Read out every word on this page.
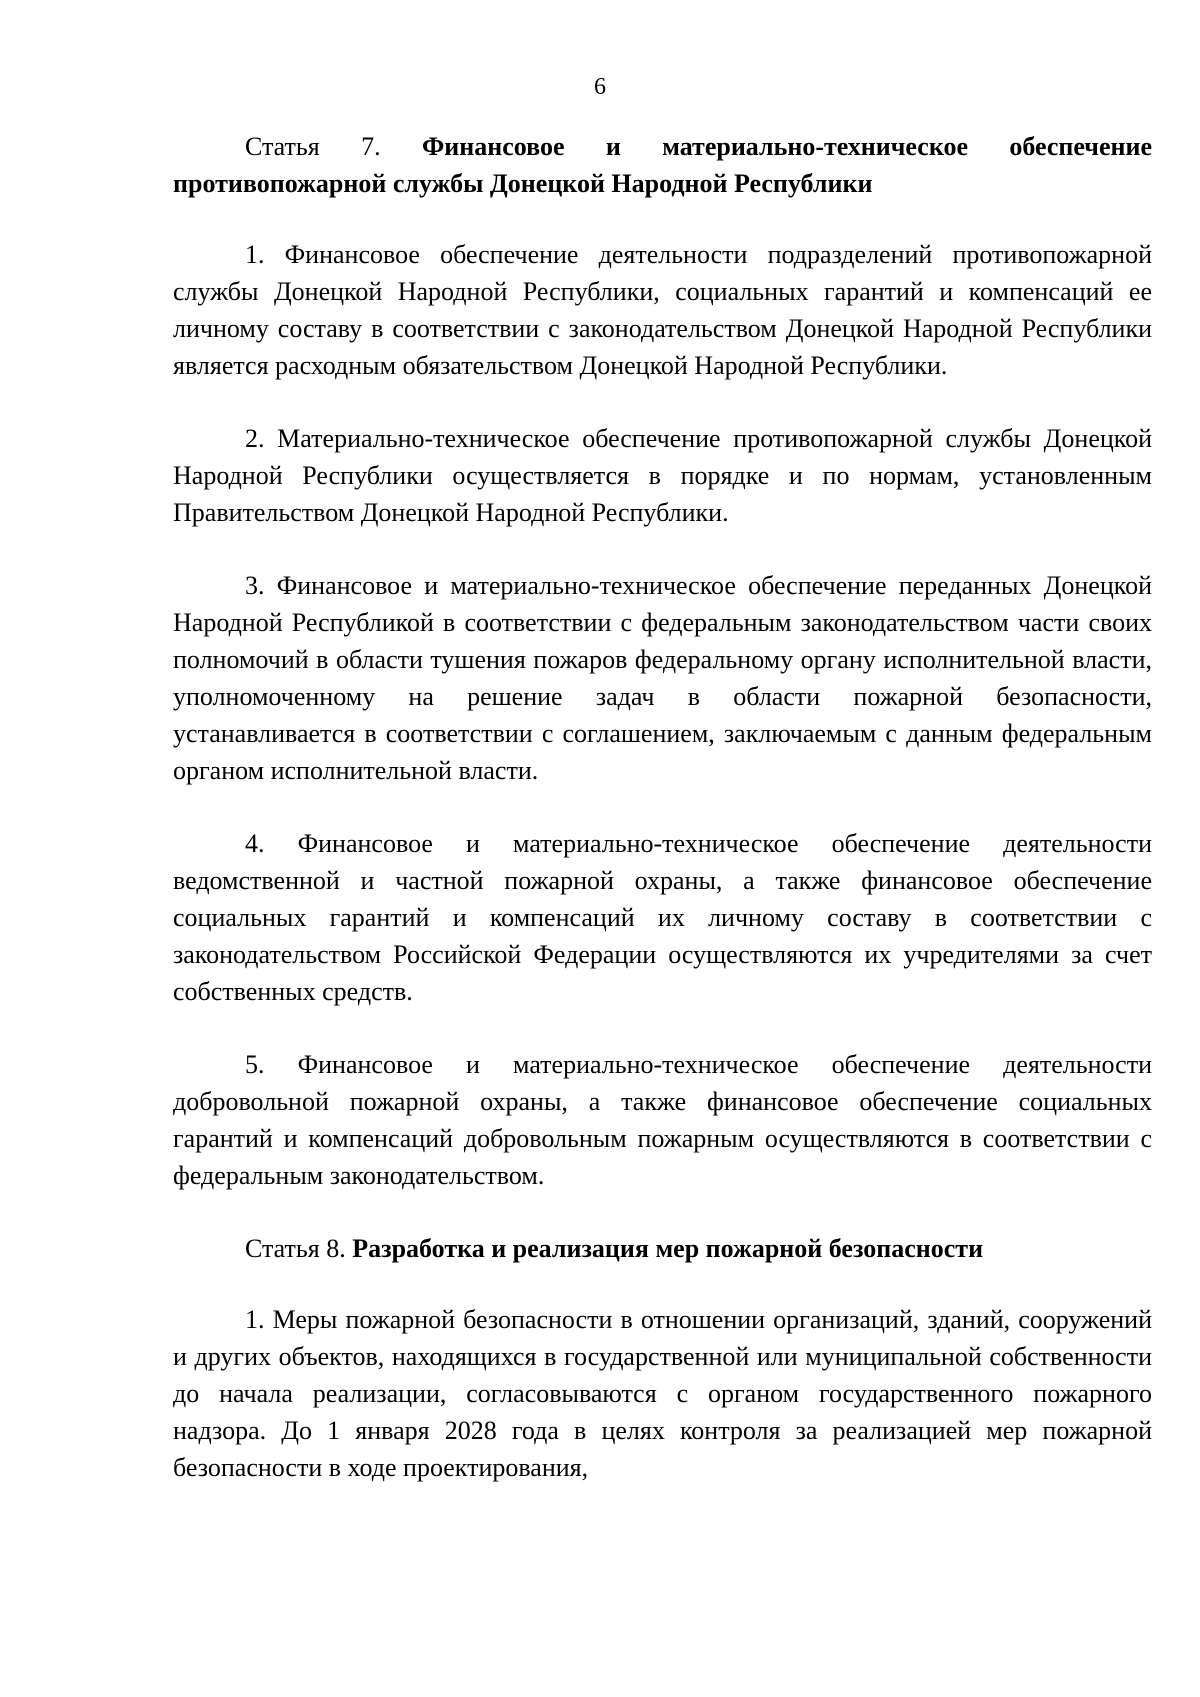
6

Статья 7. Финансовое и материально-техническое обеспечение противопожарной службы Донецкой Народной Республики

1. Финансовое обеспечение деятельности подразделений противопожарной службы Донецкой Народной Республики, социальных гарантий и компенсаций ее личному составу в соответствии с законодательством Донецкой Народной Республики является расходным обязательством Донецкой Народной Республики.

2. Материально-техническое обеспечение противопожарной службы Донецкой Народной Республики осуществляется в порядке и по нормам, установленным Правительством Донецкой Народной Республики.

3. Финансовое и материально-техническое обеспечение переданных Донецкой Народной Республикой в соответствии с федеральным законодательством части своих полномочий в области тушения пожаров федеральному органу исполнительной власти, уполномоченному на решение задач в области пожарной безопасности, устанавливается в соответствии с соглашением, заключаемым с данным федеральным органом исполнительной власти.

4. Финансовое и материально-техническое обеспечение деятельности ведомственной и частной пожарной охраны, а также финансовое обеспечение социальных гарантий и компенсаций их личному составу в соответствии с законодательством Российской Федерации осуществляются их учредителями за счет собственных средств.

5. Финансовое и материально-техническое обеспечение деятельности добровольной пожарной охраны, а также финансовое обеспечение социальных гарантий и компенсаций добровольным пожарным осуществляются в соответствии с федеральным законодательством.

Статья 8. Разработка и реализация мер пожарной безопасности

1. Меры пожарной безопасности в отношении организаций, зданий, сооружений и других объектов, находящихся в государственной или муниципальной собственности до начала реализации, согласовываются с органом государственного пожарного надзора. До 1 января 2028 года в целях контроля за реализацией мер пожарной безопасности в ходе проектирования,
